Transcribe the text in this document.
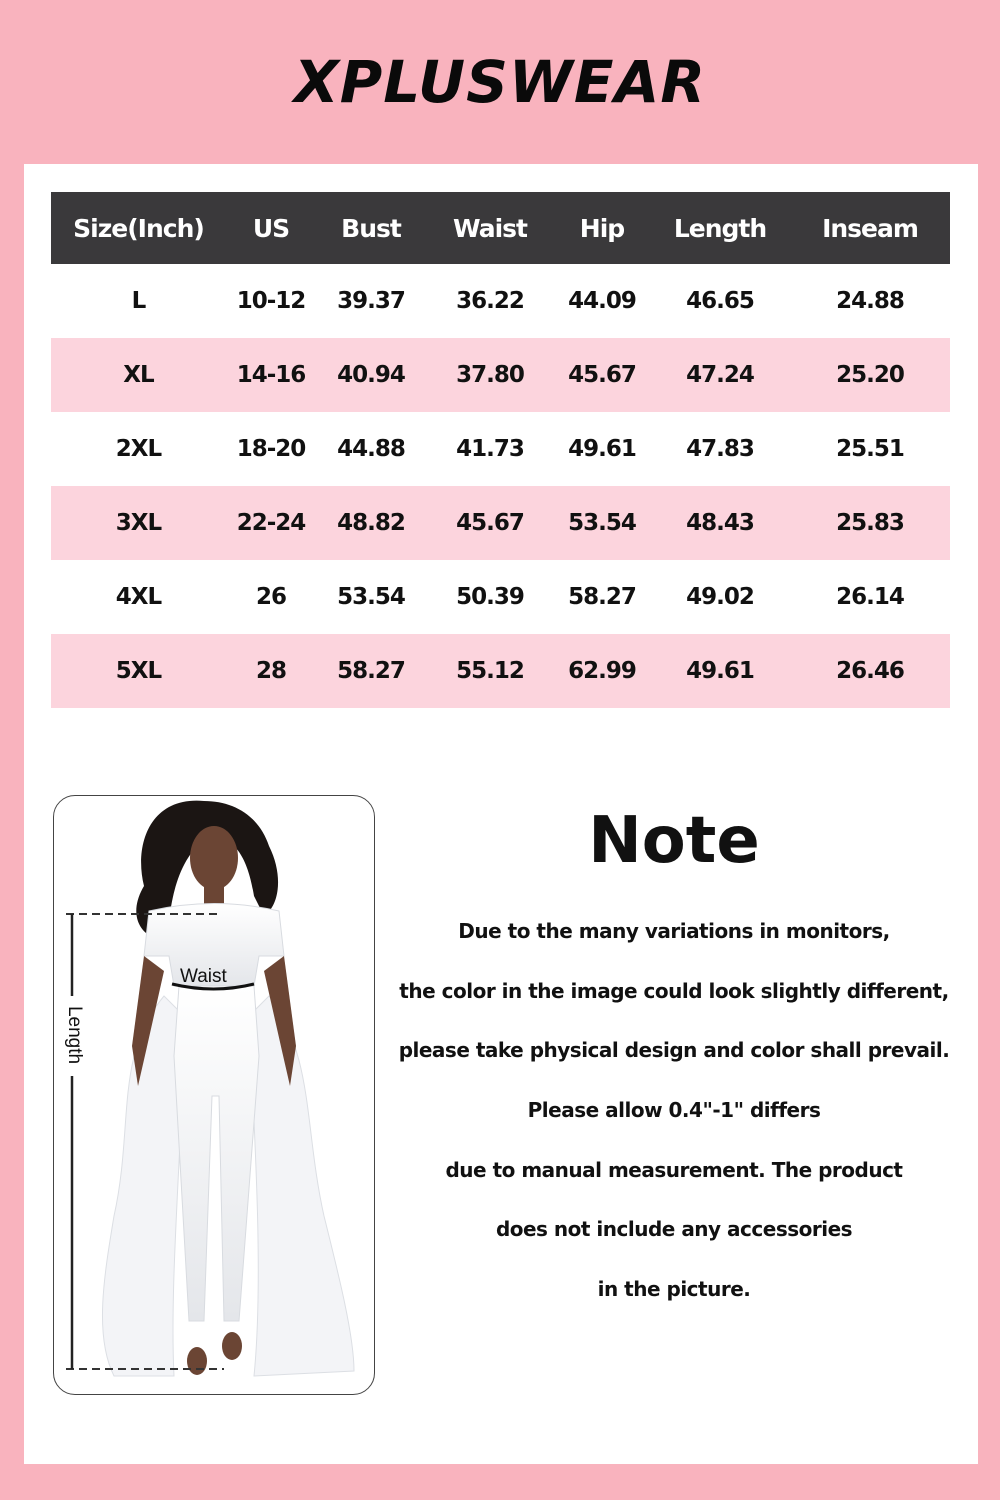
XPLUSWEAR
Size(Inch)	US	Bust	Waist	Hip	Length	Inseam
L	10-12	39.37	36.22	44.09	46.65	24.88
XL	14-16	40.94	37.80	45.67	47.24	25.20
2XL	18-20	44.88	41.73	49.61	47.83	25.51
3XL	22-24	48.82	45.67	53.54	48.43	25.83
4XL	26	53.54	50.39	58.27	49.02	26.14
5XL	28	58.27	55.12	62.99	49.61	26.46
Waist
Length
Note
Due to the many variations in monitors,
the color in the image could look slightly different,
please take physical design and color shall prevail.
Please allow 0.4"-1" differs
due to manual measurement. The product
does not include any accessories
in the picture.
